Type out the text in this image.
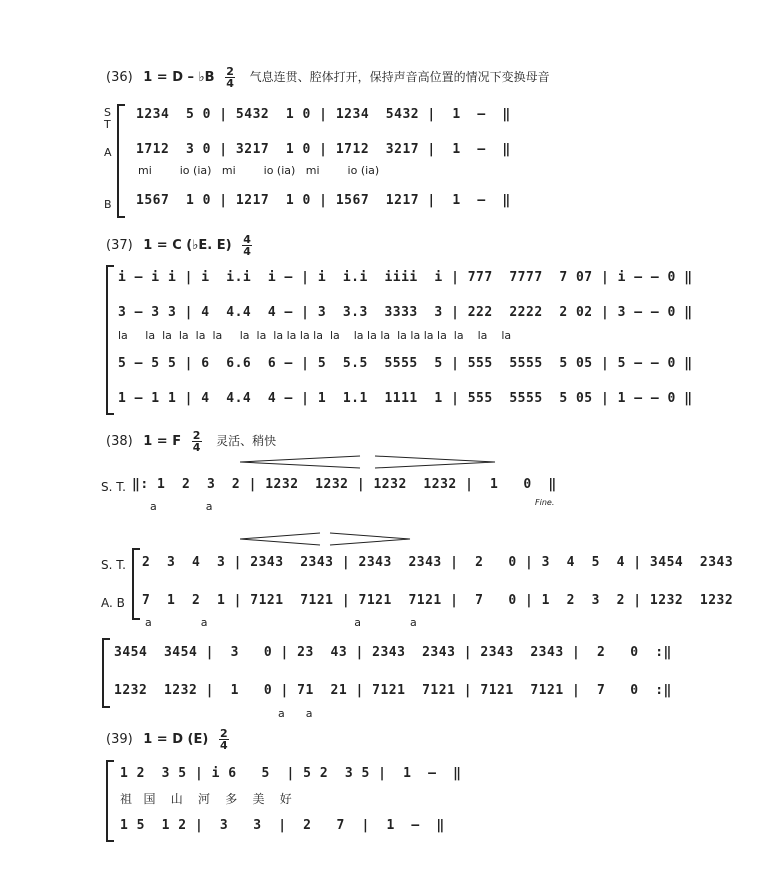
(36) 1 = D – ♭B $\frac{2}{4}$ 气息连贯、腔体打开，保持声音高位置的情况下变换母音
S
T
A
B
1234  5 0 | 5432  1 0 | 1234  5432 |  1  –  ‖
1712  3 0 | 3217  1 0 | 1712  3217 |  1  –  ‖
mi        io (ia)   mi        io (ia)   mi        io (ia)
1567  1 0 | 1217  1 0 | 1567  1217 |  1  –  ‖
(37) 1 = C (♭E. $E) \frac{4}{4}$
i – i i | i  i.i  i – | i  i.i  iiii  i | 777  7777  7 07 | i – – 0 ‖
3 – 3 3 | 4  4.4  4 – | 3  3.3  3333  3 | 222  2222  2 02 | 3 – – 0 ‖
la     la  la  la  la  la     la  la  la la la la  la    la la la  la la la la  la    la    la
5 – 5 5 | 6  6.6  6 – | 5  5.5  5555  5 | 555  5555  5 05 | 5 – – 0 ‖
1 – 1 1 | 4  4.4  4 – | 1  1.1  1111  1 | 555  5555  5 05 | 1 – – 0 ‖
(38) 1 = F $\frac{2}{4}$ 灵活、稍快
S. T. ‖: 1  2  3  2 | 1232  1232 | 1232  1232 |  1   0  ‖
a              a	Fine.
S. T.
A. B
2  3  4  3 | 2343  2343 | 2343  2343 |  2   0 | 3  4  5  4 | 3454  2343
7  1  2  1 | 7121  7121 | 7121  7121 |  7   0 | 1  2  3  2 | 1232  1232
a              a                                          a              a
3454  3454 |  3   0 | 23  43 | 2343  2343 | 2343  2343 |  2   0  :‖
1232  1232 |  1   0 | 71  21 | 7121  7121 | 7121  7121 |  7   0  :‖
a      a
(39) 1 = D $(E) \frac{2}{4}$
1 2  3 5 | i 6   5  | 5 2  3 5 |  1  –  ‖
祖   国    山    河    多    美    好
1 5  1 2 |  3   3  |  2   7  |  1  –  ‖
